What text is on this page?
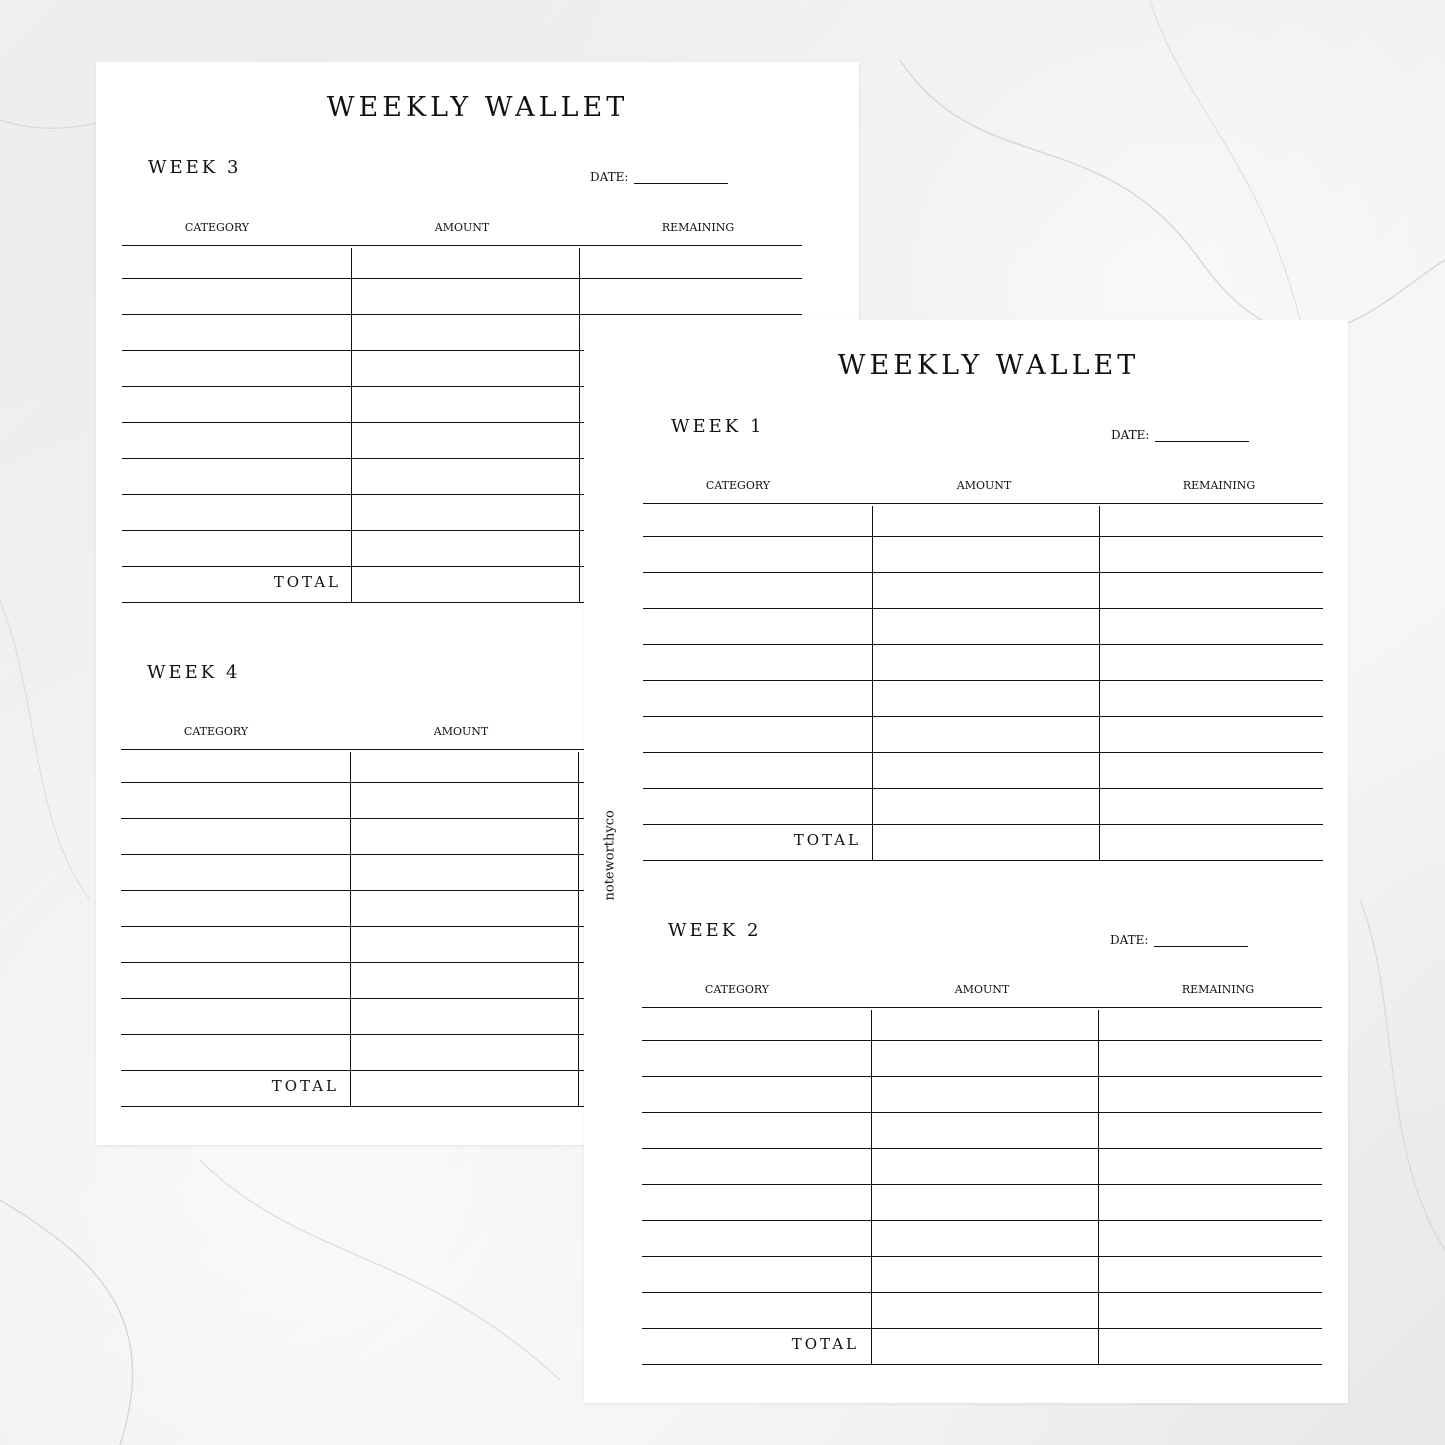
WEEKLY WALLET
WEEK 3	DATE:
CATEGORY	AMOUNT	REMAINING
TOTAL
WEEK 4
CATEGORY	AMOUNT
TOTAL
noteworthyco
WEEKLY WALLET
WEEK 1	DATE:
CATEGORY	AMOUNT	REMAINING
TOTAL
WEEK 2	DATE:
CATEGORY	AMOUNT	REMAINING
TOTAL
